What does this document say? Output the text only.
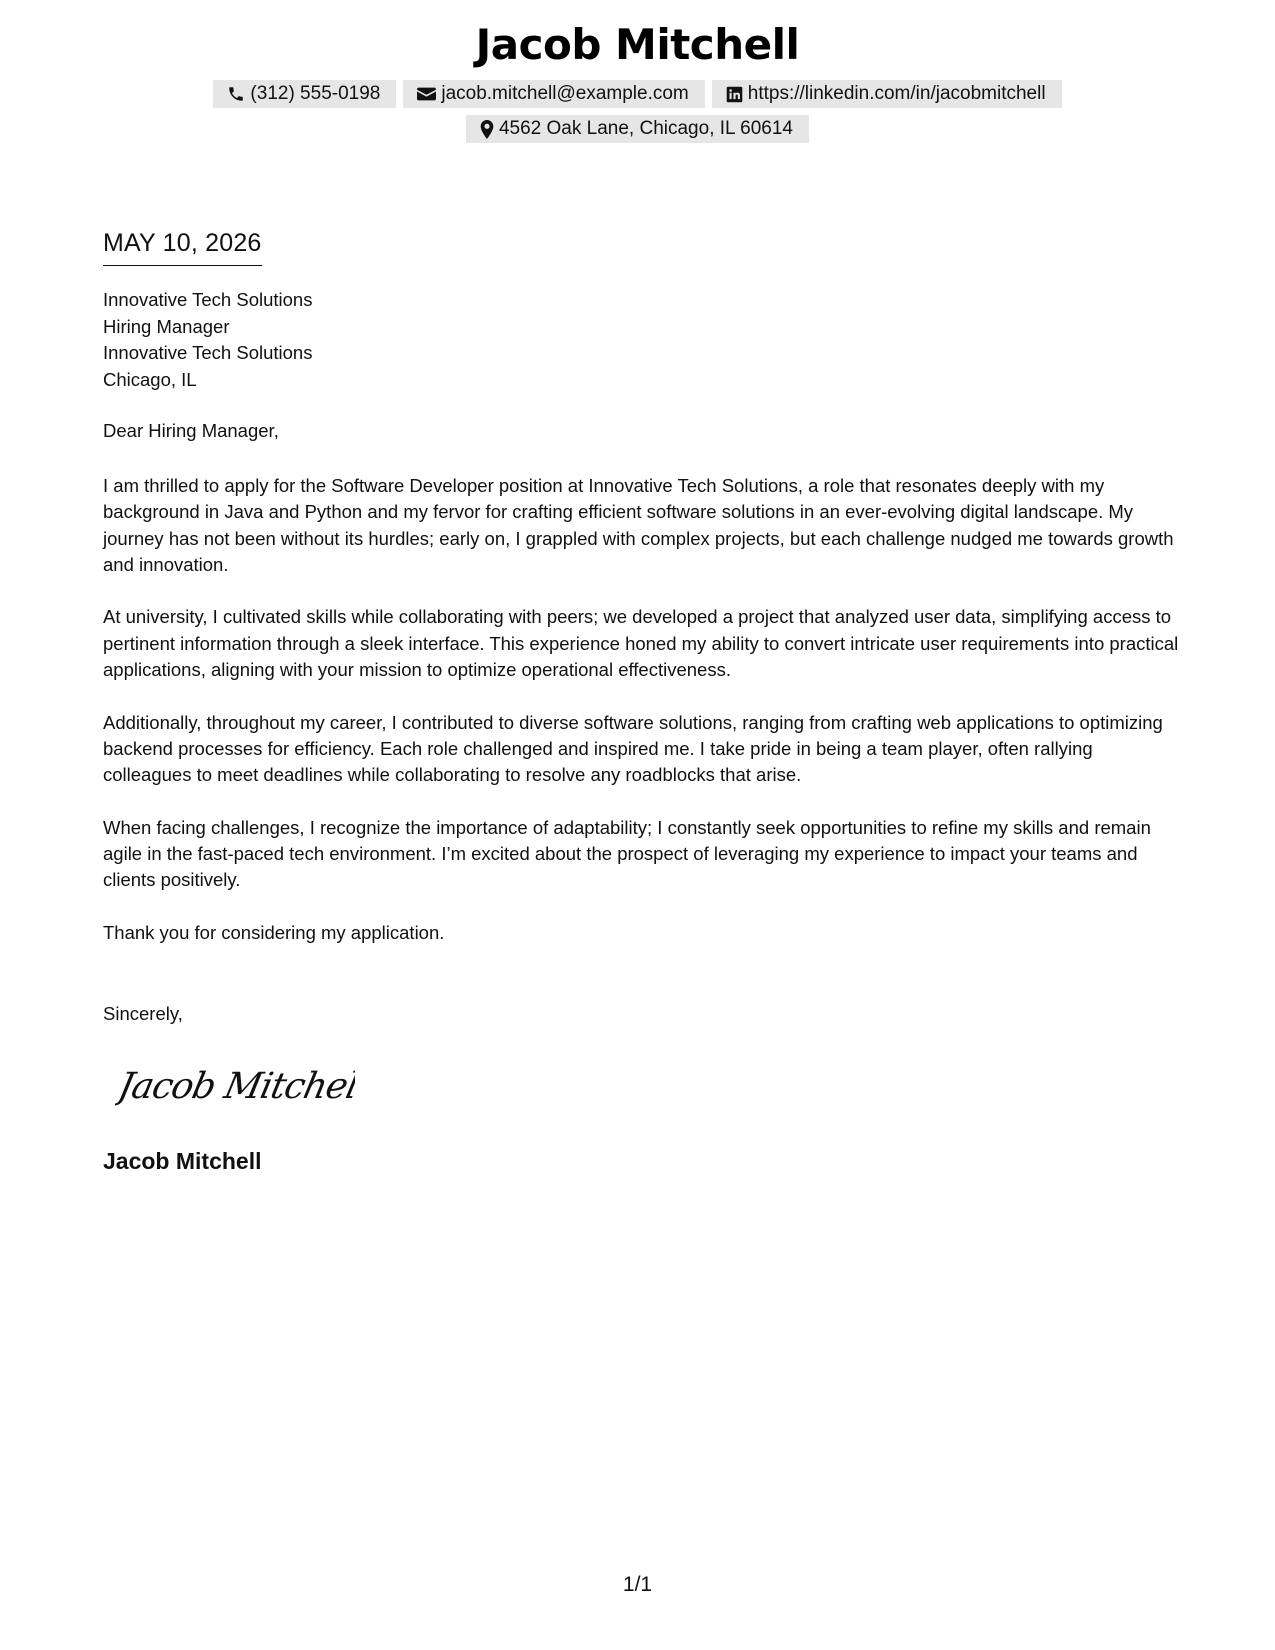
Jacob Mitchell
(312) 555-0198	jacob.mitchell@example.com	https://linkedin.com/in/jacobmitchell
4562 Oak Lane, Chicago, IL 60614
MAY 10, 2026
Innovative Tech Solutions
Hiring Manager
Innovative Tech Solutions
Chicago, IL
Dear Hiring Manager,

I am thrilled to apply for the Software Developer position at Innovative Tech Solutions, a role that resonates deeply with my background in Java and Python and my fervor for crafting efficient software solutions in an ever-evolving digital landscape. My journey has not been without its hurdles; early on, I grappled with complex projects, but each challenge nudged me towards growth and innovation.

At university, I cultivated skills while collaborating with peers; we developed a project that analyzed user data, simplifying access to pertinent information through a sleek interface. This experience honed my ability to convert intricate user requirements into practical applications, aligning with your mission to optimize operational effectiveness.

Additionally, throughout my career, I contributed to diverse software solutions, ranging from crafting web applications to optimizing backend processes for efficiency. Each role challenged and inspired me. I take pride in being a team player, often rallying colleagues to meet deadlines while collaborating to resolve any roadblocks that arise.

When facing challenges, I recognize the importance of adaptability; I constantly seek opportunities to refine my skills and remain agile in the fast-paced tech environment. I’m excited about the prospect of leveraging my experience to impact your teams and clients positively.

Thank you for considering my application.

Sincerely,
Jacob Mitchell
Jacob Mitchell
1/1
